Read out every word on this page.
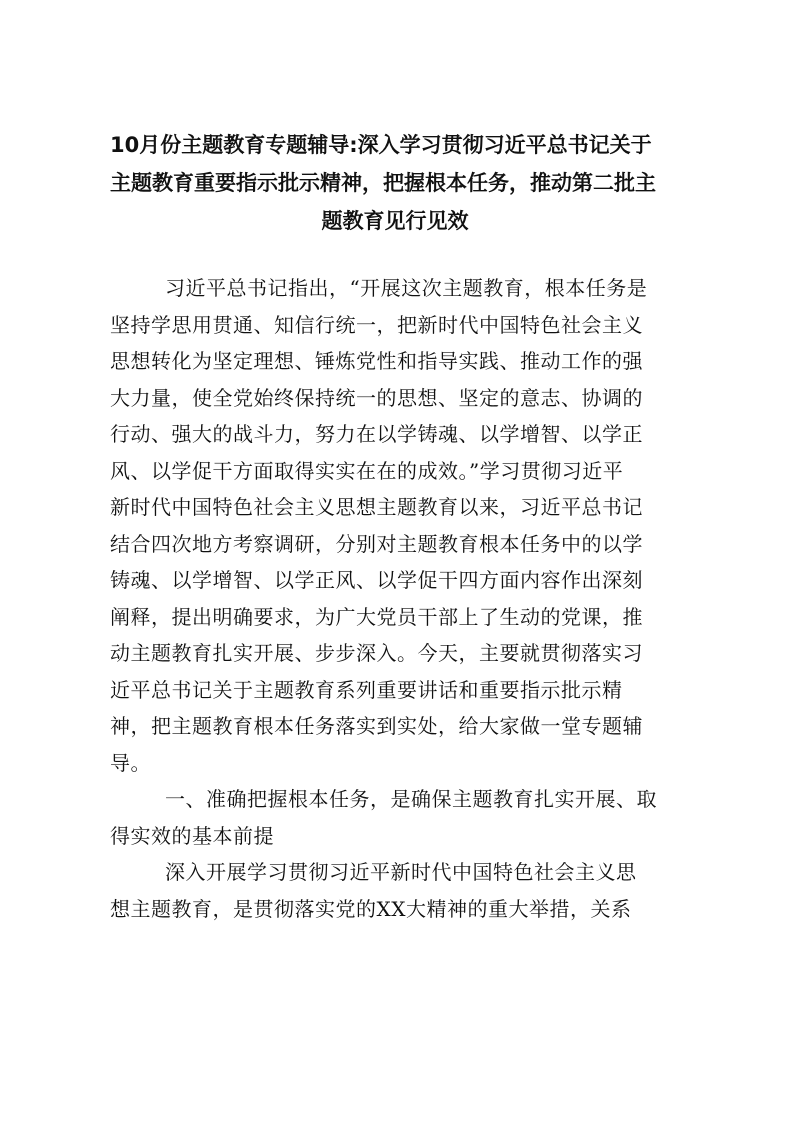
10月份主题教育专题辅导:深入学习贯彻习近平总书记关于
主题教育重要指示批示精神，把握根本任务，推动第二批主
题教育见行见效
习近平总书记指出，“开展这次主题教育，根本任务是
坚持学思用贯通、知信行统一，把新时代中国特色社会主义
思想转化为坚定理想、锤炼党性和指导实践、推动工作的强
大力量，使全党始终保持统一的思想、坚定的意志、协调的
行动、强大的战斗力，努力在以学铸魂、以学增智、以学正
风、以学促干方面取得实实在在的成效。”学习贯彻习近平
新时代中国特色社会主义思想主题教育以来，习近平总书记
结合四次地方考察调研，分别对主题教育根本任务中的以学
铸魂、以学增智、以学正风、以学促干四方面内容作出深刻
阐释，提出明确要求，为广大党员干部上了生动的党课，推
动主题教育扎实开展、步步深入。今天，主要就贯彻落实习
近平总书记关于主题教育系列重要讲话和重要指示批示精
神，把主题教育根本任务落实到实处，给大家做一堂专题辅
导。
一、准确把握根本任务，是确保主题教育扎实开展、取
得实效的基本前提
深入开展学习贯彻习近平新时代中国特色社会主义思
想主题教育，是贯彻落实党的XX大精神的重大举措，关系
